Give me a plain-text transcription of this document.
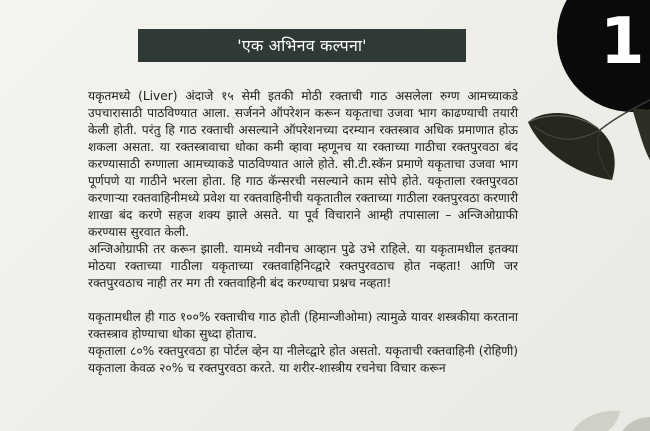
1
'एक अभिनव कल्पना'

यकृतमध्ये (Liver) अंदाजे १५ सेमी इतकी मोठी रक्ताची गाठ असलेला रुग्ण आमच्याकडे उपचारासाठी पाठविण्यात आला. सर्जनने ऑपरेशन करून यकृताचा उजवा भाग काढण्याची तयारी केली होती. परंतु हि गाठ रक्ताची असल्याने ऑपरेशनच्या दरम्यान रक्तस्त्राव अधिक प्रमाणात होऊ शकला असता. या रक्तस्त्रावाचा धोका कमी व्हावा म्हणूनच या रक्ताच्या गाठीचा रक्तपुरवठा बंद करण्यासाठी रुग्णाला आमच्याकडे पाठविण्यात आले होते. सी.टी.स्कॅन प्रमाणे यकृताचा उजवा भाग पूर्णपणे या गाठीने भरला होता. हि गाठ कॅन्सरची नसल्याने काम सोपे होते. यकृताला रक्तपुरवठा करणाऱ्या रक्तवाहिनीमध्ये प्रवेश या रक्तवाहिनीची यकृतातील रक्ताच्या गाठीला रक्तपुरवठा करणारी शाखा बंद करणे सहज शक्य झाले असते. या पूर्व विचाराने आम्ही तपासाला – अन्जिओग्राफी करण्यास सुरवात केली.

अन्जिओग्राफी तर करून झाली. यामध्ये नवीनच आव्हान पुढे उभे राहिले. या यकृतामधील इतक्या मोठया रक्ताच्या गाठीला यकृताच्या रक्तवाहिनिव्द्वारे रक्तपुरवठाच होत नव्हता! आणि जर रक्तपुरवठाच नाही तर मग ती रक्तवाहिनी बंद करण्याचा प्रश्नच नव्हता!

यकृतामधील ही गाठ १००% रक्ताचीच गाठ होती (हिमान्जीओमा) त्यामुळे यावर शस्त्रकीया करताना रक्तस्त्राव होण्याचा धोका सुध्दा होताच.

यकृताला ८०% रक्तपुरवठा हा पोर्टल व्हेन या नीलेव्द्वारे होत असतो. यकृताची रक्तवाहिनी (रोहिणी) यकृताला केवळ २०% च रक्तपुरवठा करते. या शरीर-शास्त्रीय रचनेचा विचार करून
